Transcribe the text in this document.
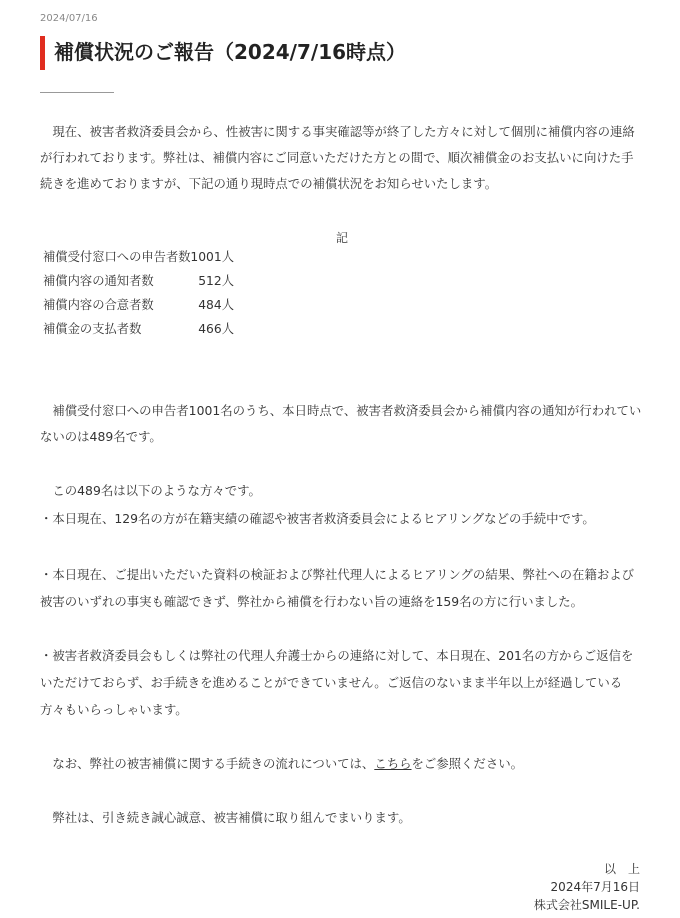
2024/07/16
補償状況のご報告（2024/7/16時点）
　現在、被害者救済委員会から、性被害に関する事実確認等が終了した方々に対して個別に補償内容の連絡
が行われております。弊社は、補償内容にご同意いただけた方との間で、順次補償金のお支払いに向けた手
続きを進めておりますが、下記の通り現時点での補償状況をお知らせいたします。
記
補償受付窓口への申告者数 1001人
補償内容の通知者数	512人
補償内容の合意者数	484人
補償金の支払者数	466人
　補償受付窓口への申告者1001名のうち、本日時点で、被害者救済委員会から補償内容の通知が行われてい
ないのは489名です。
　この489名は以下のような方々です。
・本日現在、129名の方が在籍実績の確認や被害者救済委員会によるヒアリングなどの手続中です。
・本日現在、ご提出いただいた資料の検証および弊社代理人によるヒアリングの結果、弊社への在籍および
被害のいずれの事実も確認できず、弊社から補償を行わない旨の連絡を159名の方に行いました。
・被害者救済委員会もしくは弊社の代理人弁護士からの連絡に対して、本日現在、201名の方からご返信を
いただけておらず、お手続きを進めることができていません。ご返信のないまま半年以上が経過している
方々もいらっしゃいます。
　なお、弊社の被害補償に関する手続きの流れについては、こちらをご参照ください。
　弊社は、引き続き誠心誠意、被害補償に取り組んでまいります。
以　上
2024年7月16日
株式会社SMILE-UP.
